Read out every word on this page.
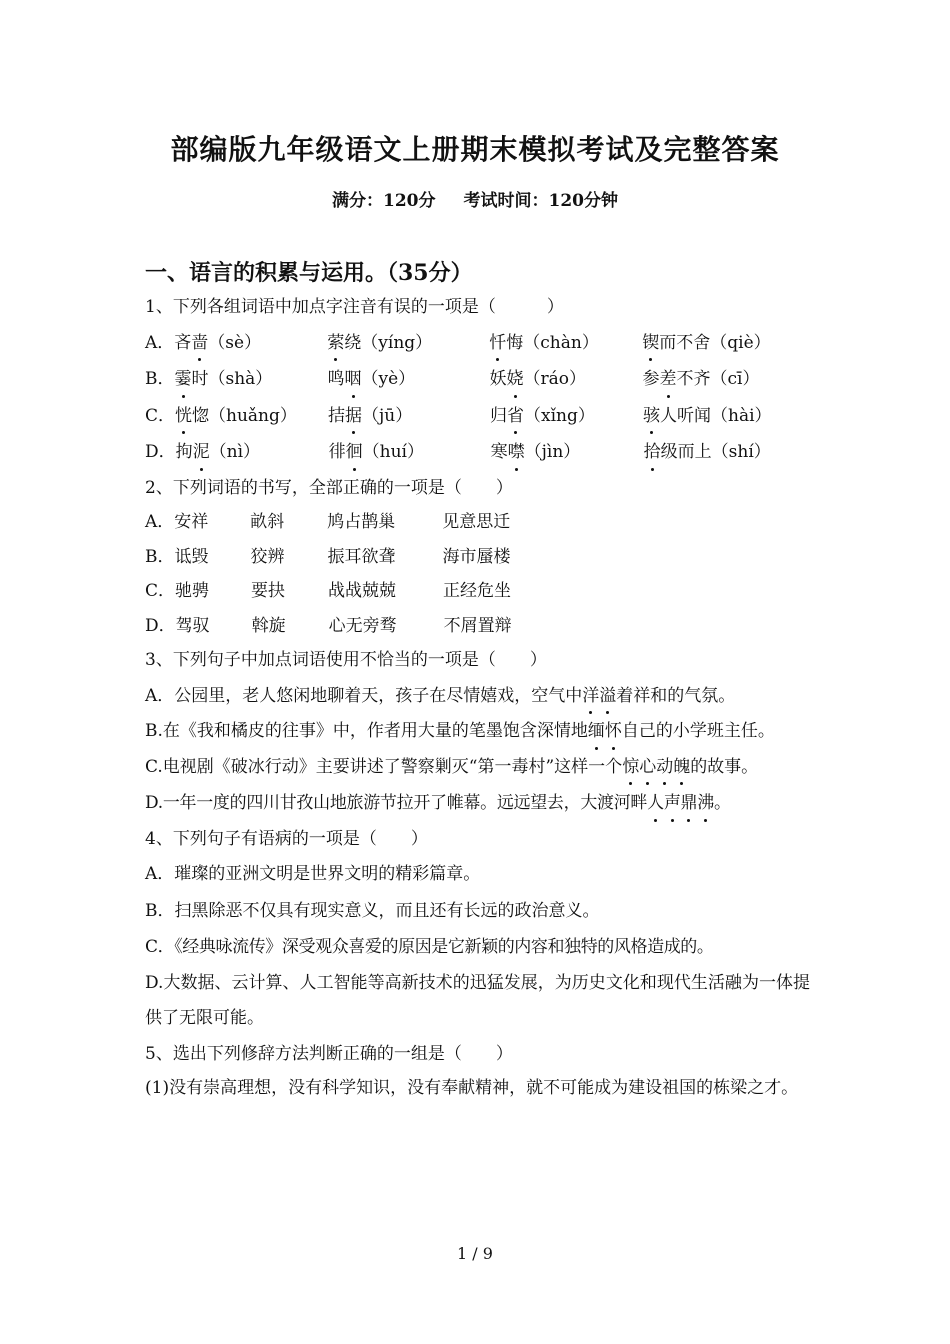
部编版九年级语文上册期末模拟考试及完整答案
满分：120分 考试时间：120分钟
一、语言的积累与运用。（35分）
1、下列各组词语中加点字注音有误的一项是（　　　）
A．吝啬（sè）	萦绕（yíng）	忏悔（chàn）	锲而不舍（qiè）
B．霎时（shà）	鸣咽（yè）	妖娆（ráo）	参差不齐（cī）
C．恍惚（huǎng） 拮据（jū）	归省（xǐng）	骇人听闻（hài）
D．拘泥（nì）	徘徊（huí）	寒噤（jìn）	拾级而上（shí）
2、下列词语的书写，全部正确的一项是（　　）
A．安祥 畝斜	鸠占鹊巢	见意思迁
B．诋毁 狡辨	振耳欲聋	海市蜃楼
C．驰骋 要抉	战战兢兢	正经危坐
D．驾驭 斡旋	心无旁骛	不屑置辩
3、下列句子中加点词语使用不恰当的一项是（　　）
A．公园里，老人悠闲地聊着天，孩子在尽情嬉戏，空气中洋溢着祥和的气氛。
B.在《我和橘皮的往事》中，作者用大量的笔墨饱含深情地缅怀自己的小学班主任。
C.电视剧《破冰行动》主要讲述了警察剿灭“第一毒村”这样一个惊心动魄的故事。
D.一年一度的四川甘孜山地旅游节拉开了帷幕。远远望去，大渡河畔人声鼎沸。
4、下列句子有语病的一项是（　　）
A．璀璨的亚洲文明是世界文明的精彩篇章。
B．扫黑除恶不仅具有现实意义，而且还有长远的政治意义。
C．《经典咏流传》深受观众喜爱的原因是它新颖的内容和独特的风格造成的。
D.大数据、云计算、人工智能等高新技术的迅猛发展，为历史文化和现代生活融为一体提供了无限可能。
5、选出下列修辞方法判断正确的一组是（　　）
(1)没有崇高理想，没有科学知识，没有奉献精神，就不可能成为建设祖国的栋梁之才。
1 / 9
